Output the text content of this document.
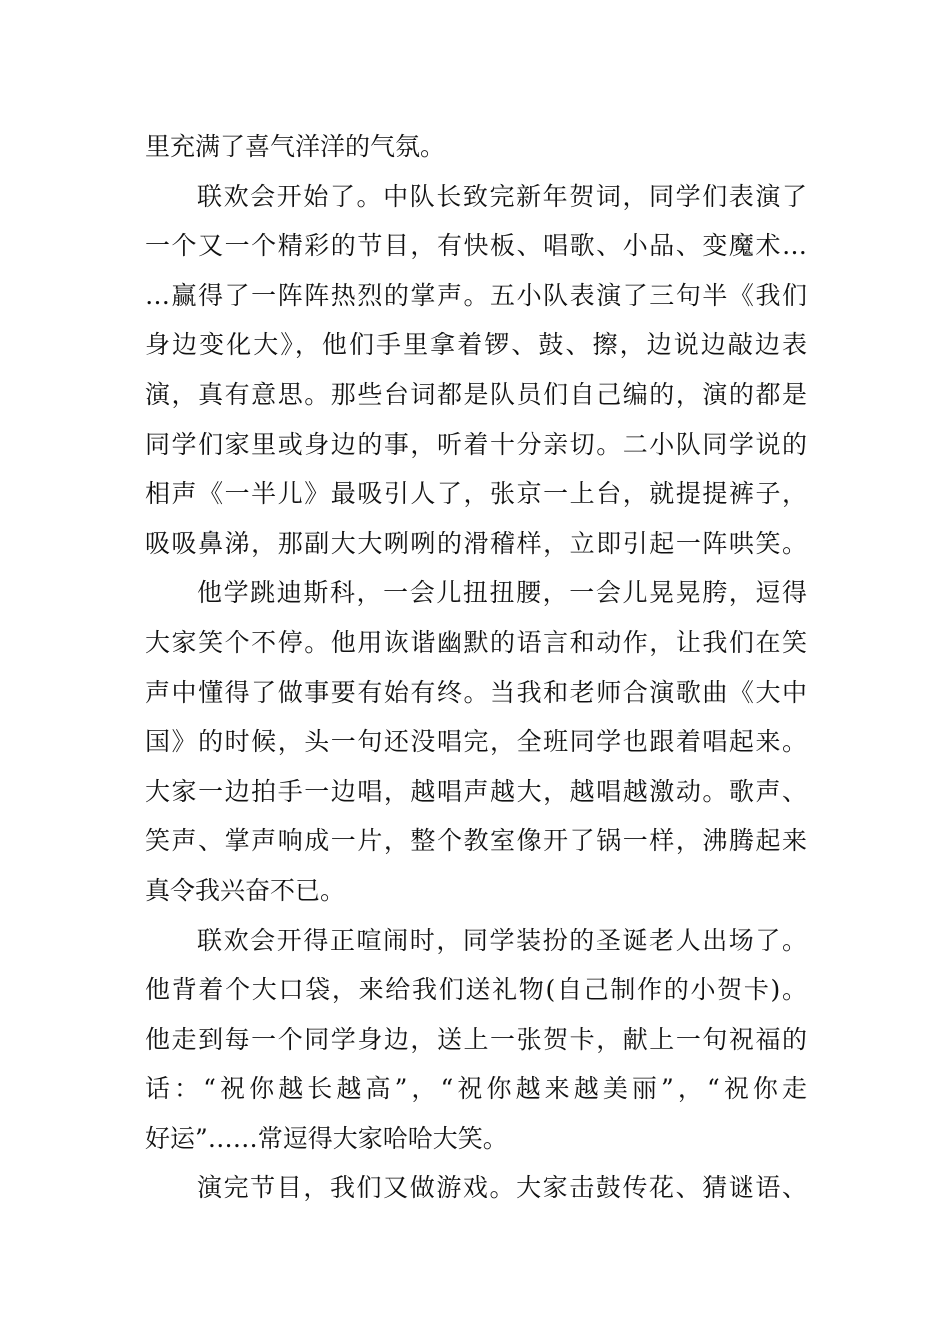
里充满了喜气洋洋的气氛。
联欢会开始了。中队长致完新年贺词，同学们表演了
一个又一个精彩的节目，有快板、唱歌、小品、变魔术…
…赢得了一阵阵热烈的掌声。五小队表演了三句半《我们
身边变化大》，他们手里拿着锣、鼓、擦，边说边敲边表
演，真有意思。那些台词都是队员们自己编的，演的都是
同学们家里或身边的事，听着十分亲切。二小队同学说的
相声《一半儿》最吸引人了，张京一上台，就提提裤子，
吸吸鼻涕，那副大大咧咧的滑稽样，立即引起一阵哄笑。
他学跳迪斯科，一会儿扭扭腰，一会儿晃晃胯，逗得
大家笑个不停。他用诙谐幽默的语言和动作，让我们在笑
声中懂得了做事要有始有终。当我和老师合演歌曲《大中
国》的时候，头一句还没唱完，全班同学也跟着唱起来。
大家一边拍手一边唱，越唱声越大，越唱越激动。歌声、
笑声、掌声响成一片，整个教室像开了锅一样，沸腾起来
真令我兴奋不已。
联欢会开得正喧闹时，同学装扮的圣诞老人出场了。
他背着个大口袋，来给我们送礼物(自己制作的小贺卡)。
他走到每一个同学身边，送上一张贺卡，献上一句祝福的
话：“祝你越长越高”，“祝你越来越美丽”，“祝你走
好运”……常逗得大家哈哈大笑。
演完节目，我们又做游戏。大家击鼓传花、猜谜语、
